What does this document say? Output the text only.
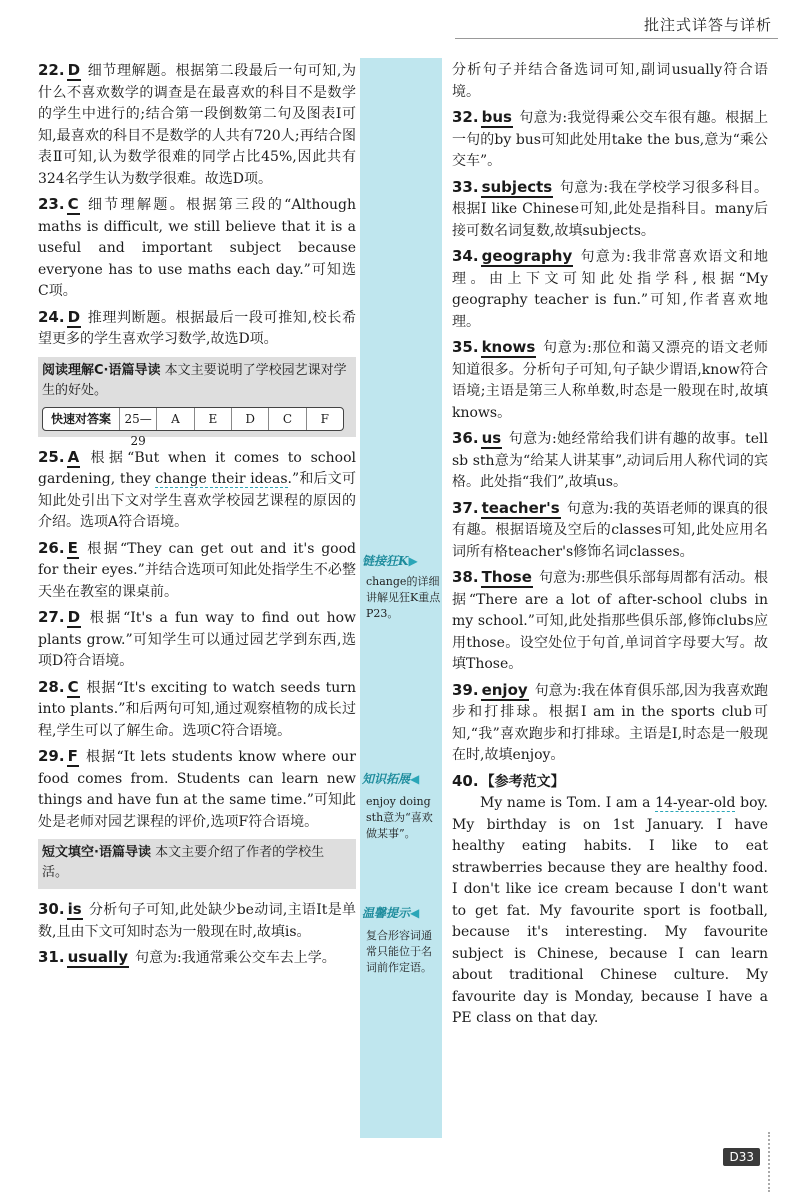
批注式详答与详析
22. D 细节理解题。根据第二段最后一句可知,为什么不喜欢数学的调查是在最喜欢的科目不是数学的学生中进行的;结合第一段倒数第二句及图表Ⅰ可知,最喜欢的科目不是数学的人共有720人;再结合图表Ⅱ可知,认为数学很难的同学占比45%,因此共有324名学生认为数学很难。故选D项。
23. C 细节理解题。根据第三段的“Although maths is difficult, we still believe that it is a useful and important subject because everyone has to use maths each day.”可知选C项。
24. D 推理判断题。根据最后一段可推知,校长希望更多的学生喜欢学习数学,故选D项。
阅读理解C·语篇导读 本文主要说明了学校园艺课对学生的好处。
快速对答案	25—29
A	E	D	C	F
25. A 根据“But when it comes to school gardening, they change their ideas.”和后文可知此处引出下文对学生喜欢学校园艺课程的原因的介绍。选项A符合语境。
26. E 根据“They can get out and it's good for their eyes.”并结合选项可知此处指学生不必整天坐在教室的课桌前。
27. D 根据“It's a fun way to find out how plants grow.”可知学生可以通过园艺学到东西,选项D符合语境。
28. C 根据“It's exciting to watch seeds turn into plants.”和后两句可知,通过观察植物的成长过程,学生可以了解生命。选项C符合语境。
29. F 根据“It lets students know where our food comes from. Students can learn new things and have fun at the same time.”可知此处是老师对园艺课程的评价,选项F符合语境。
短文填空·语篇导读 本文主要介绍了作者的学校生活。
30. is 分析句子可知,此处缺少be动词,主语It是单数,且由下文可知时态为一般现在时,故填is。
31. usually 句意为:我通常乘公交车去上学。
链接狂K▶
change的详细讲解见狂K重点P23。
知识拓展◀
enjoy doing sth意为“喜欢做某事”。
温馨提示◀
复合形容词通常只能位于名词前作定语。
分析句子并结合备选词可知,副词usually符合语境。
32. bus 句意为:我觉得乘公交车很有趣。根据上一句的by bus可知此处用take the bus,意为“乘公交车”。
33. subjects 句意为:我在学校学习很多科目。根据I like Chinese可知,此处是指科目。many后接可数名词复数,故填subjects。
34. geography 句意为:我非常喜欢语文和地理。由上下文可知此处指学科,根据“My geography teacher is fun.”可知,作者喜欢地理。
35. knows 句意为:那位和蔼又漂亮的语文老师知道很多。分析句子可知,句子缺少谓语,know符合语境;主语是第三人称单数,时态是一般现在时,故填knows。
36. us 句意为:她经常给我们讲有趣的故事。tell sb sth意为“给某人讲某事”,动词后用人称代词的宾格。此处指“我们”,故填us。
37. teacher's 句意为:我的英语老师的课真的很有趣。根据语境及空后的classes可知,此处应用名词所有格teacher's修饰名词classes。
38. Those 句意为:那些俱乐部每周都有活动。根据“There are a lot of after-school clubs in my school.”可知,此处指那些俱乐部,修饰clubs应用those。设空处位于句首,单词首字母要大写。故填Those。
39. enjoy 句意为:我在体育俱乐部,因为我喜欢跑步和打排球。根据I am in the sports club可知,“我”喜欢跑步和打排球。主语是I,时态是一般现在时,故填enjoy。
40. 【参考范文】
My name is Tom. I am a 14-year-old boy. My birthday is on 1st January. I have healthy eating habits. I like to eat strawberries because they are healthy food. I don't like ice cream because I don't want to get fat. My favourite sport is football, because it's interesting. My favourite subject is Chinese, because I can learn about traditional Chinese culture. My favourite day is Monday, because I have a PE class on that day.
D33
